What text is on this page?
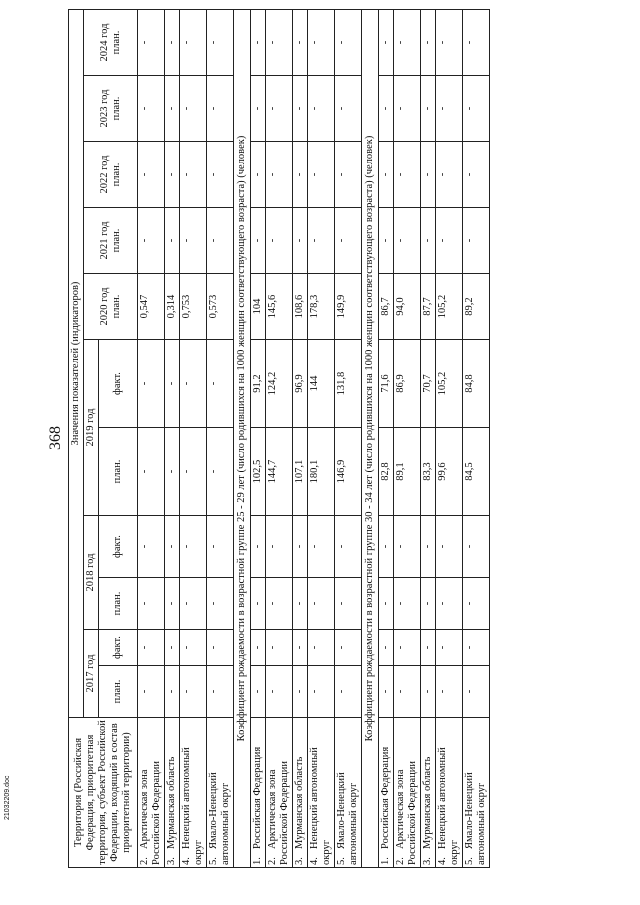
368
Территория (Российская Федерация, приоритетная территория, субъект Российской Федерации, входящий в состав приоритетной территории)	Значения показателей (индикаторов)										
	2017 год		2018 год		2019 год		2020 год план.	2021 год план.	2022 год план.	2023 год план.	2024 год план.
	план.	факт.	план.	факт.	план.	факт.					
2.Арктическая зона Российской Федерации	-	-	-	-	-	-	0,547	-	-	-	-
3.Мурманская область	-	-	-	-	-	-	0,314	-	-	-	-
4.Ненецкий автономный округ	-	-	-	-	-	-	0,753	-	-	-	-
5.Ямало-Ненецкий автономный округ	-	-	-	-	-	-	0,573	-	-	-	-
Коэффициент рождаемости в возрастной группе 25 - 29 лет (число родившихся на 1000 женщин соответствующего возраста) (человек)											
1.Российская Федерация	-	-	-	-	102,5	91,2	104	-	-	-	-
2.Арктическая зона Российской Федерации	-	-	-	-	144,7	124,2	145,6	-	-	-	-
3.Мурманская область	-	-	-	-	107,1	96,9	108,6	-	-	-	-
4.Ненецкий автономный округ	-	-	-	-	180,1	144	178,3	-	-	-	-
5.Ямало-Ненецкий автономный округ	-	-	-	-	146,9	131,8	149,9	-	-	-	-
Коэффициент рождаемости в возрастной группе 30 - 34 лет (число родившихся на 1000 женщин соответствующего возраста) (человек)											
1.Российская Федерация	-	-	-	-	82,8	71,6	86,7	-	-	-	-
2.Арктическая зона Российской Федерации	-	-	-	-	89,1	86,9	94,0	-	-	-	-
3.Мурманская область	-	-	-	-	83,3	70,7	87,7	-	-	-	-
4.Ненецкий автономный округ	-	-	-	-	99,6	105,2	105,2	-	-	-	-
5.Ямало-Ненецкий автономный округ	-	-	-	-	84,5	84,8	89,2	-	-	-	-
21032209.doc
